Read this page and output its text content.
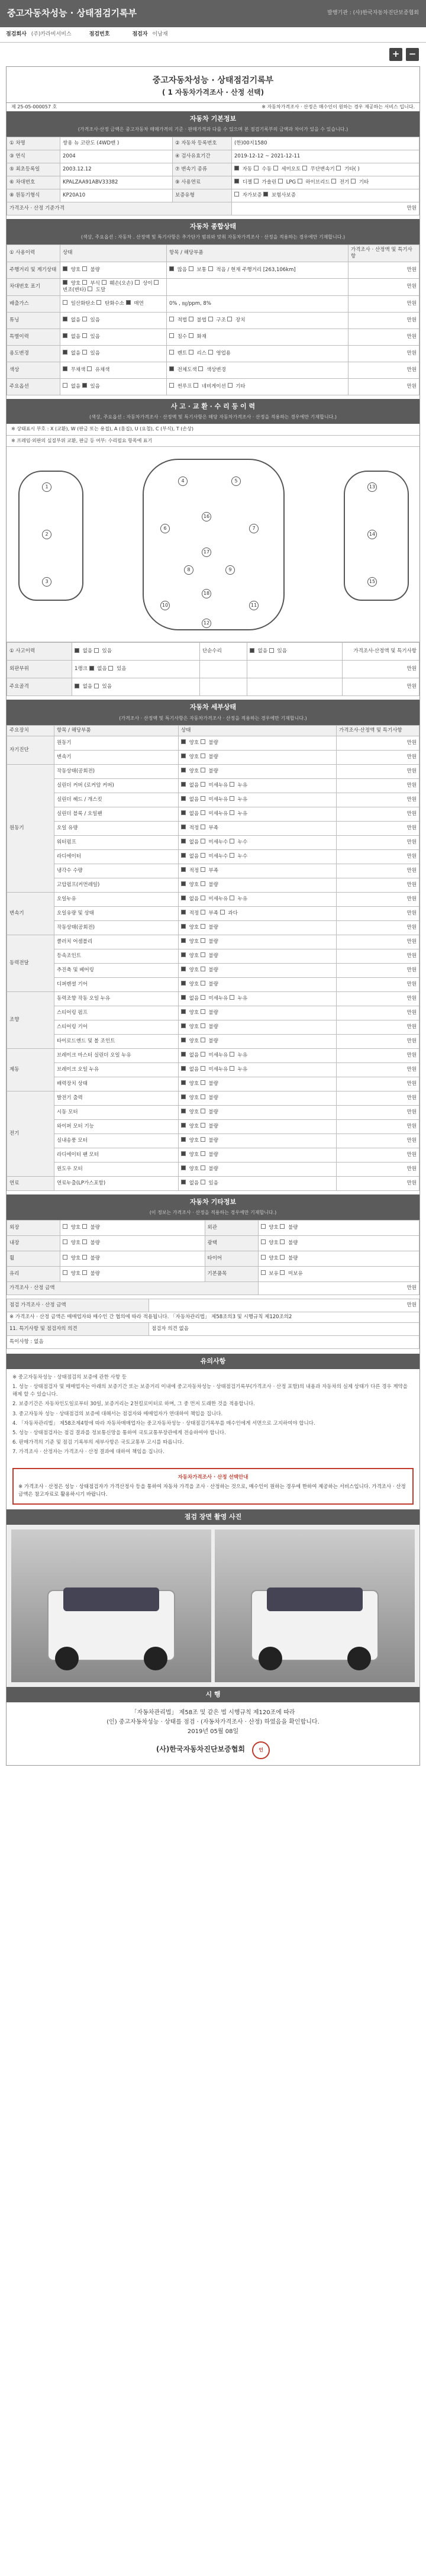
중고자동차성능 · 상태점검기록부	발행기관 : (사)한국자동차진단보증협회
점검회사 (주)카라비서비스	점검번호	점검자 이남재
+	−
중고자동차성능 · 상태점검기록부
( 1 자동차가격조사 · 산정 선택)
제 25-05-000057 호	※ 자동차가격조사 · 산정은 매수인이 원하는 경우 제공하는 서비스 입니다.
자동차 기본정보
(가격조사·산정 금액은 중고자동차 매매가격의 기준 · 판매가격과 다를 수 있으며 본 점검기록부의 금액과 차이가 있을 수 있습니다.)
① 차명	쌍용 뉴 코란도 (4WD밴 )	② 자동차 등록번호	(한)00지1580
③ 연식	2004	④ 검사유효기간	2019-12-12 ~ 2021-12-11
⑤ 최초등록일	2003.12.12	⑦ 변속기 종류	자동  수동  세미오토  무단변속기  기타( )
⑥ 차대번호	KPALZAA91ABV33382	⑨ 사용연료	디젤  가솔린  LPG  하이브리드  전기  기타
⑧ 원동기형식	KP20A10	보증유형	자가보증  보험사보증
가격조사 · 산정 기준가격			만원
자동차 종합상태
(색상, 주요옵션 : 자동차 ․ 산정액 및 특기사항은 추가단가 범위와 맞춰 자동차가격조사 · 산정을 적용하는 경우에만 기재합니다.)
① 사용이력	상태	항목 / 해당부품	가격조사 · 산정액 및 특기사항
주행거리 및 계기상태	양호  불량	많음  보통  적음 / 현재 주행거리 [263,106km]	만원
차대번호 표기	양호  부식  훼손(오손)  상이  변조(변타)  도말		만원
배출가스	일산화탄소  탄화수소  매연	0% , ㎎/ppm, 8%	만원
튜닝	없음  있음	적법  불법  구조  장치	만원
특별이력	없음  있음	침수  화재	만원
용도변경	없음  있음	렌트  리스  영업용	만원
색상	무채색  유채색	전체도색  색상변경	만원
주요옵션	없음  있음	썬루프  네비게이션  기타	만원
사 고 · 교 환 · 수 리 등 이 력
(색상, 주요옵션 : 자동차가격조사 · 산정액 및 특기사항은 해당 자동차가격조사 · 산정을 적용하는 경우에만 기재합니다.)
※ 상태표시 부호 : X (교환), W (판금 또는 용접), A (흠집), U (요철), C (부식), T (손상)
※ 프레임·외판의 실질부위 교환, 판금 등 여부: 수리필요 항목에 표기
1
2
3
4	5
6	7
8	9
10	11
12
13
14
15
16
17
18
① 사고이력	없음  있음	단순수리	없음  있음	가격조사·산정액 및 특기사항
외판부위	1랭크  없음  있음			만원
주요골격	없음  있음			만원
자동차 세부상태
(가격조사 · 산정액 및 특기사항은 자동차가격조사 · 산정을 적용하는 경우에만 기재합니다.)
주요장치	항목 / 해당부품	상태	가격조사·산정액 및 특기사항
자기진단	원동기	양호  불량	만원
	변속기	양호  불량	만원
원동기	작동상태(공회전)	양호  불량	만원
	실린더 커버 (로커암 커버)	없음  미세누유  누유	만원
	실린더 헤드 / 개스킷	없음  미세누유  누유	만원
	실린더 블록 / 오일팬	없음  미세누유  누유	만원
	오일 유량	적정  부족	만원
	워터펌프	없음  미세누수  누수	만원
	라디에이터	없음  미세누수  누수	만원
	냉각수 수량	적정  부족	만원
	고압펌프(커먼레일)	양호  불량	만원
변속기	오일누유	없음  미세누유  누유	만원
	오일유량 및 상태	적정  부족  과다	만원
	작동상태(공회전)	양호  불량	만원
동력전달	클러치 어셈블리	양호  불량	만원
	등속조인트	양호  불량	만원
	추진축 및 베어링	양호  불량	만원
	디퍼렌셜 기어	양호  불량	만원
조향	동력조향 작동 오일 누유	없음  미세누유  누유	만원
	스티어링 펌프	양호  불량	만원
	스티어링 기어	양호  불량	만원
	타이로드엔드 및 볼 조인트	양호  불량	만원
제동	브레이크 마스터 실린더 오일 누유	없음  미세누유  누유	만원
	브레이크 오일 누유	없음  미세누유  누유	만원
	배력장치 상태	양호  불량	만원
전기	발전기 출력	양호  불량	만원
	시동 모터	양호  불량	만원
	와이퍼 모터 기능	양호  불량	만원
	실내송풍 모터	양호  불량	만원
	라디에이터 팬 모터	양호  불량	만원
	윈도우 모터	양호  불량	만원
연료	연료누출(LP가스포함)	없음  있음	만원
자동차 기타정보
(이 정보는 가격조사 · 산정을 적용하는 경우에만 기재합니다.)
외장	양호  불량	외관	양호  불량
내장	양호  불량	광택	양호  불량
휠	양호  불량	타이어	양호  불량
유리	양호  불량	기본품목	보유  미보유
가격조사 · 산정 금액			만원
점검 가격조사 · 산정 금액	만원
※ 가격조사 · 산정 금액은 매매업자와 매수인 간 협의에 따라 적용됩니다. 「자동차관리법」 제58조의3 및 시행규칙 제120조의2	
11. 특기사항 및 점검자의 의견	점검자 의견 없음
특이사항 : 없음	
유의사항

※ 중고자동차성능 · 상태점검의 보증에 관한 사항 등

1. 성능 · 상태점검자 및 매매업자는 아래의 보증기간 또는 보증거리 이내에 중고자동차성능 · 상태점검기록부(가격조사 · 산정 포함)의 내용과 자동차의 실제 상태가 다른 경우 계약을 해제 할 수 있습니다.

2. 보증기간은 자동차인도일로부터 30일, 보증거리는 2천킬로미터로 하며, 그 중 먼저 도래한 것을 적용합니다.

3. 중고자동차 성능 · 상태점검의 보증에 대해서는 점검자와 매매업자가 연대하여 책임을 집니다.

4. 「자동차관리법」 제58조제4항에 따라 자동차매매업자는 중고자동차성능 · 상태점검기록부를 매수인에게 서면으로 고지하여야 합니다.

5. 성능 · 상태점검자는 점검 결과를 정보통신망을 통하여 국토교통부장관에게 전송하여야 합니다.

6. 판매가격의 기준 및 점검 기록부의 세부사항은 국토교통부 고시를 따릅니다.

7. 가격조사 · 산정자는 가격조사 · 산정 결과에 대하여 책임을 집니다.

자동차가격조사 · 산정 선택안내
※ 가격조사 · 산정은 성능 · 상태점검자가 가격산정사 등을 통하여 자동차 가격을 조사 · 산정하는 것으로, 매수인이 원하는 경우에 한하여 제공하는 서비스입니다. 가격조사 · 산정 금액은 참고자료로 활용하시기 바랍니다.
점검 장면 촬영 사진
시 행
「자동차관리법」 제58조 및 같은 법 시행규칙 제120조에 따라
(인) 중고자동차성능 · 상태를 점검 · (자동차가격조사 · 산정) 하였음을 확인합니다.
2019년 05월 08일
(사)한국자동차진단보증협회	인
